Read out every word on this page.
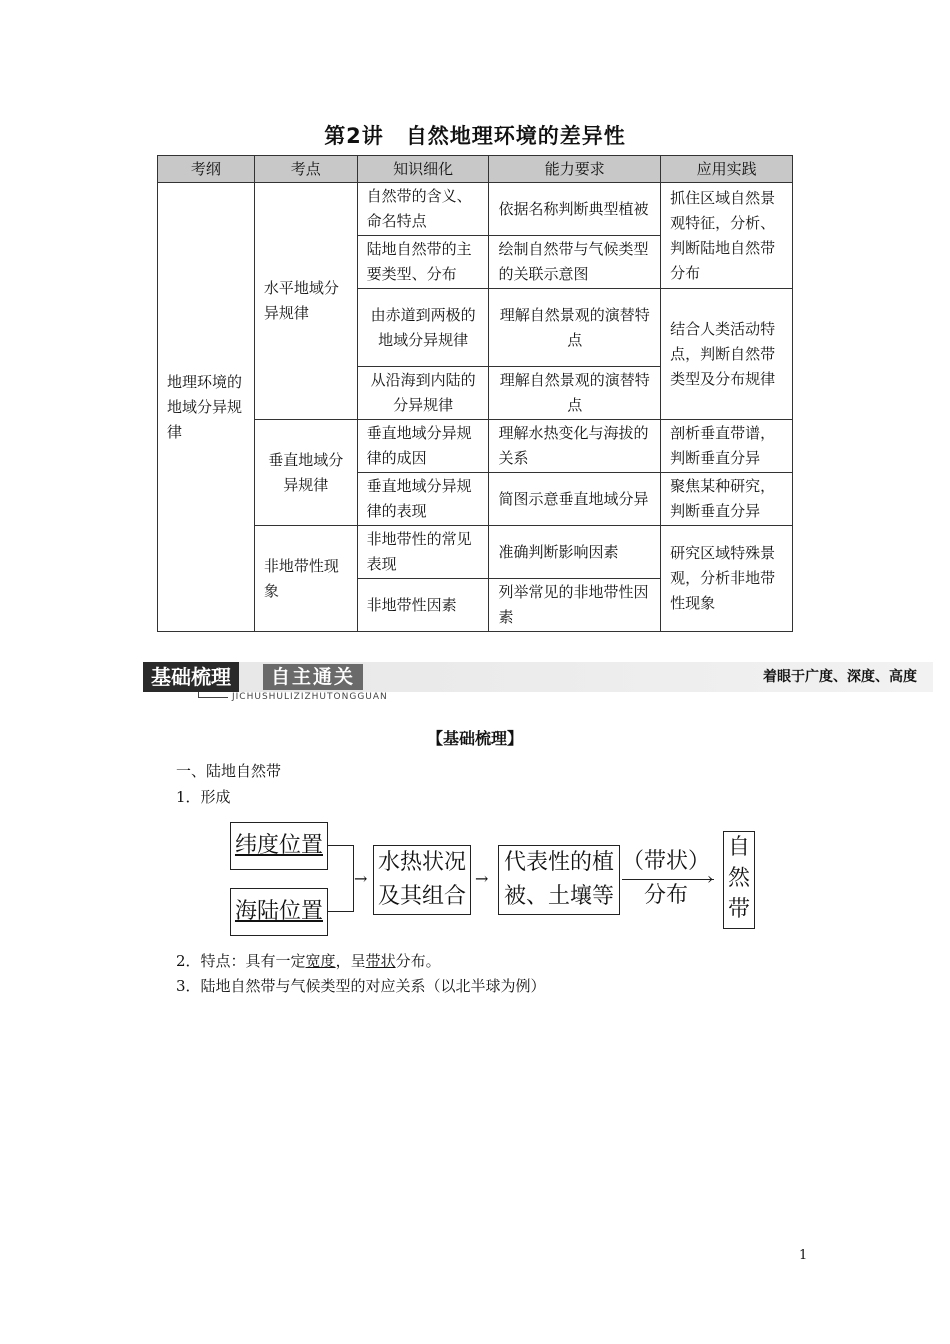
第2讲 自然地理环境的差异性
考纲	考点	知识细化	能力要求	应用实践
地理环境的地域分异规律	水平地域分异规律	自然带的含义、命名特点	依据名称判断典型植被	抓住区域自然景观特征，分析、判断陆地自然带分布
		陆地自然带的主要类型、分布	绘制自然带与气候类型的关联示意图	
		由赤道到两极的地域分异规律	理解自然景观的演替特点	结合人类活动特点，判断自然带类型及分布规律
		从沿海到内陆的分异规律	理解自然景观的演替特点	
	垂直地域分异规律	垂直地域分异规律的成因	理解水热变化与海拔的关系	剖析垂直带谱，判断垂直分异
		垂直地域分异规律的表现	简图示意垂直地域分异	聚焦某种研究，判断垂直分异
	非地带性现象	非地带性的常见表现	准确判断影响因素	研究区域特殊景观，分析非地带性现象
		非地带性因素	列举常见的非地带性因素	
基础梳理	自主通关	着眼于广度、深度、高度
JICHUSHULIZIZHUTONGGUAN
【基础梳理】
一、陆地自然带
1．形成
纬度位置
海陆位置
→
水热状况
及其组合
→
代表性的植
被、土壤等
（带状）
分布
›
自
然
带
2．特点：具有一定宽度，呈带状分布。
3．陆地自然带与气候类型的对应关系（以北半球为例）
1
